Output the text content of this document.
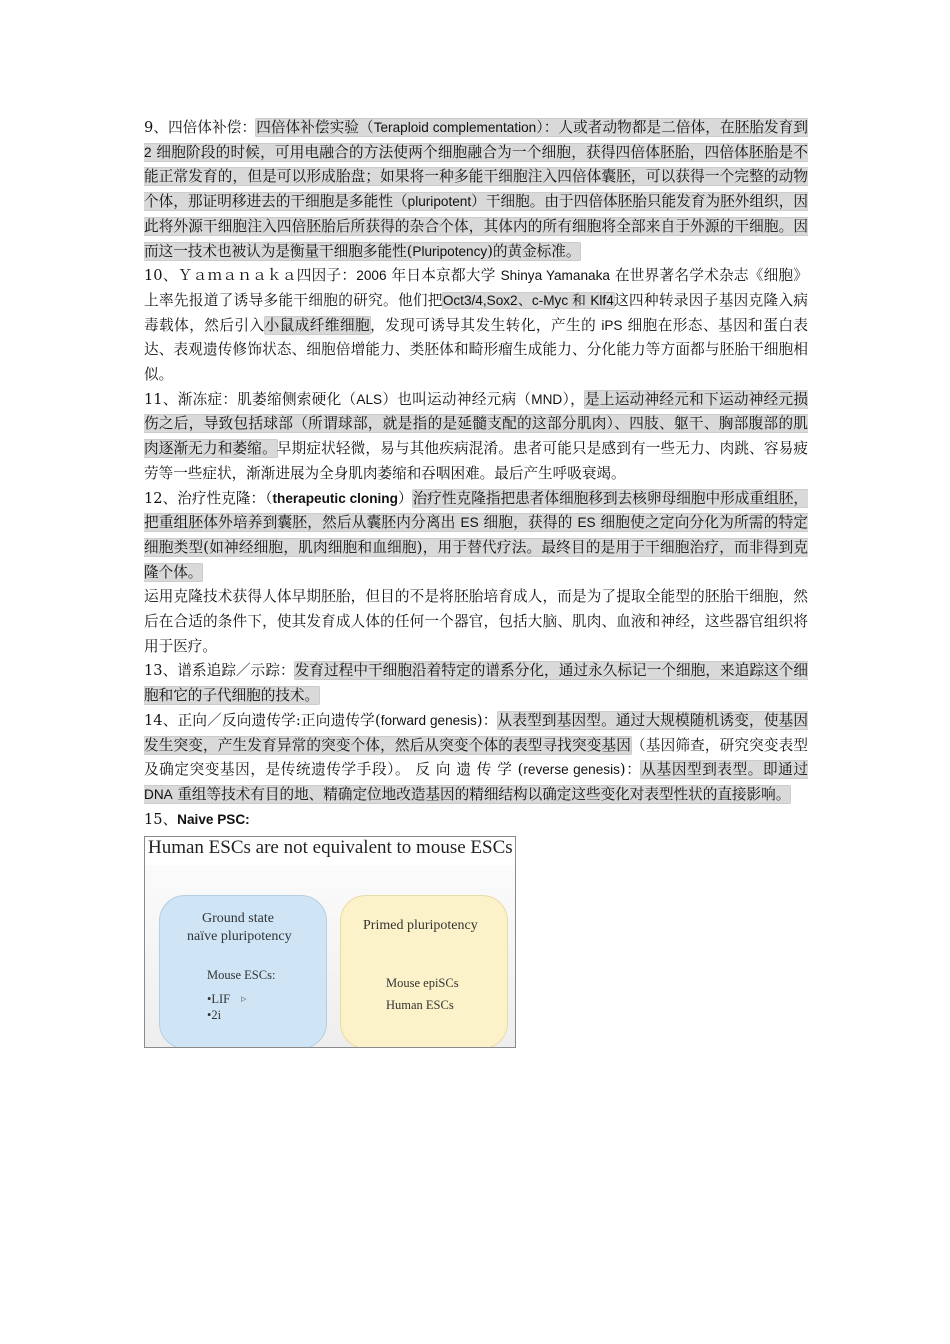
9、四倍体补偿：四倍体补偿实验（Teraploid complementation）：人或者动物都是二倍体，在胚胎发育到 2 细胞阶段的时候，可用电融合的方法使两个细胞融合为一个细胞，获得四倍体胚胎，四倍体胚胎是不能正常发育的，但是可以形成胎盘；如果将一种多能干细胞注入四倍体囊胚，可以获得一个完整的动物个体，那证明移进去的干细胞是多能性（pluripotent）干细胞。由于四倍体胚胎只能发育为胚外组织，因此将外源干细胞注入四倍胚胎后所获得的杂合个体，其体内的所有细胞将全部来自于外源的干细胞。因而这一技术也被认为是衡量干细胞多能性(Pluripotency)的黄金标准。

10、Ｙａｍａｎａｋａ四因子：2006 年日本京都大学 Shinya Yamanaka 在世界著名学术杂志《细胞》上率先报道了诱导多能干细胞的研究。他们把Oct3/4,Sox2、c-Myc 和 Klf4这四种转录因子基因克隆入病毒载体，然后引入小鼠成纤维细胞，发现可诱导其发生转化，产生的 iPS 细胞在形态、基因和蛋白表达、表观遗传修饰状态、细胞倍增能力、类胚体和畸形瘤生成能力、分化能力等方面都与胚胎干细胞相似。

11、渐冻症：肌萎缩侧索硬化（ALS）也叫运动神经元病（MND），是上运动神经元和下运动神经元损伤之后，导致包括球部（所谓球部，就是指的是延髓支配的这部分肌肉）、四肢、躯干、胸部腹部的肌肉逐渐无力和萎缩。早期症状轻微，易与其他疾病混淆。患者可能只是感到有一些无力、肉跳、容易疲劳等一些症状，渐渐进展为全身肌肉萎缩和吞咽困难。最后产生呼吸衰竭。

12、治疗性克隆：（therapeutic cloning）治疗性克隆指把患者体细胞移到去核卵母细胞中形成重组胚，把重组胚体外培养到囊胚，然后从囊胚内分离出 ES 细胞，获得的 ES 细胞使之定向分化为所需的特定细胞类型(如神经细胞，肌肉细胞和血细胞)，用于替代疗法。最终目的是用于干细胞治疗，而非得到克隆个体。

运用克隆技术获得人体早期胚胎，但目的不是将胚胎培育成人，而是为了提取全能型的胚胎干细胞，然后在合适的条件下，使其发育成人体的任何一个器官，包括大脑、肌肉、血液和神经，这些器官组织将用于医疗。

13、谱系追踪／示踪：发育过程中干细胞沿着特定的谱系分化，通过永久标记一个细胞，来追踪这个细胞和它的子代细胞的技术。

14、正向／反向遗传学:正向遗传学(forward genesis)：从表型到基因型。通过大规模随机诱变，使基因发生突变，产生发育异常的突变个体，然后从突变个体的表型寻找突变基因（基因筛查，研究突变表型及确定突变基因，是传统遗传学手段）。 反 向 遗 传 学 (reverse genesis)：从基因型到表型。即通过 DNA 重组等技术有目的地、精确定位地改造基因的精细结构以确定这些变化对表型性状的直接影响。

15、Naive PSC:

Human ESCs are not equivalent to mouse ESCs
Ground state
naïve pluripotency
Mouse ESCs:
•LIF ▹
•2i
Primed pluripotency
Mouse epiSCs
Human ESCs
